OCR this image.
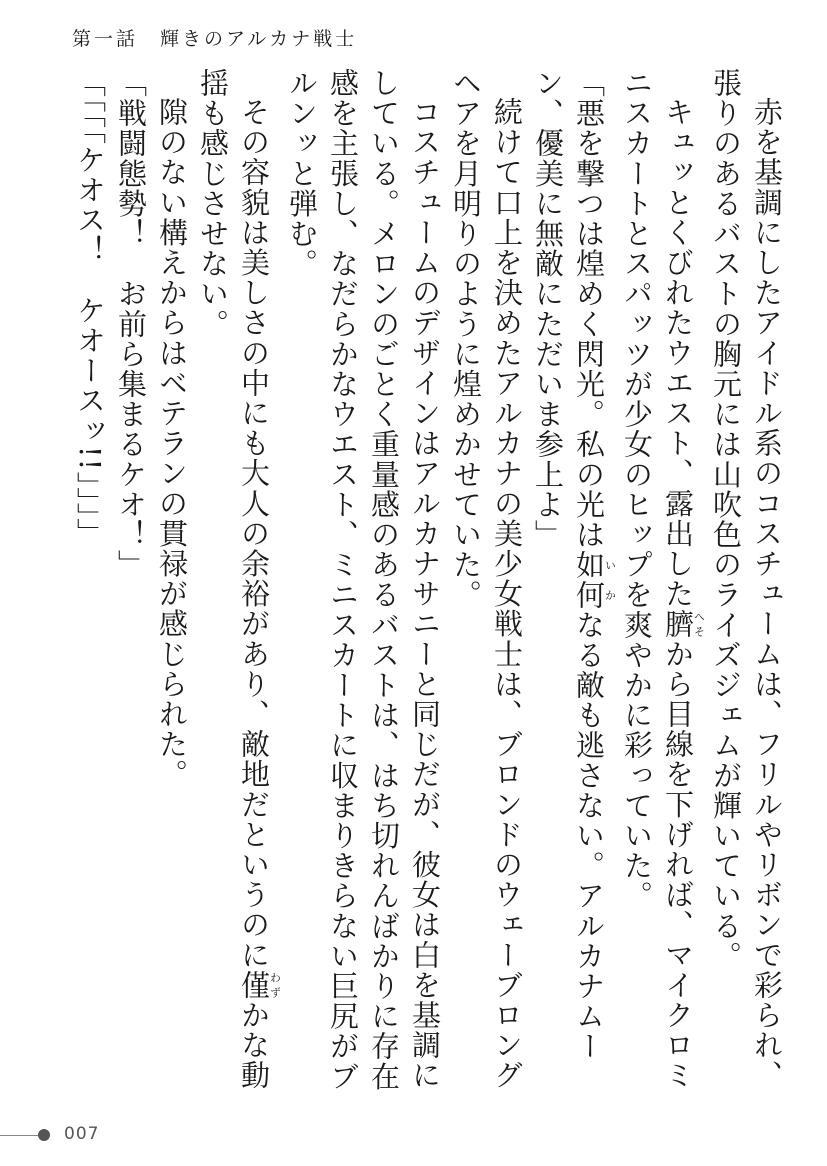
第一話　輝きのアルカナ戦士

赤を基調にしたアイドル系のコスチュームは、フリルやリボンで彩られ、張りのあるバストの胸元には山吹色のライズジェムが輝いている。

キュッとくびれたウエスト、露出した臍へそから目線を下げれば、マイクロミニスカートとスパッツが少女のヒップを爽やかに彩っていた。

「悪を撃つは煌めく閃光。私の光は如何いかなる敵も逃さない。アルカナムーン、優美に無敵にただいま参上よ」

続けて口上を決めたアルカナの美少女戦士は、ブロンドのウェーブロングヘアを月明りのように煌めかせていた。

コスチュームのデザインはアルカナサニーと同じだが、彼女は白を基調にしている。メロンのごとく重量感のあるバストは、はち切れんばかりに存在感を主張し、なだらかなウエスト、ミニスカートに収まりきらない巨尻がブルンッと弾む。

その容貌は美しさの中にも大人の余裕があり、敵地だというのに僅わずかな動揺も感じさせない。

隙のない構えからはベテランの貫禄が感じられた。

「戦闘態勢！　お前ら集まるケオ！」

「「「「ケオス！　ケオースッ!!」」」」

007
